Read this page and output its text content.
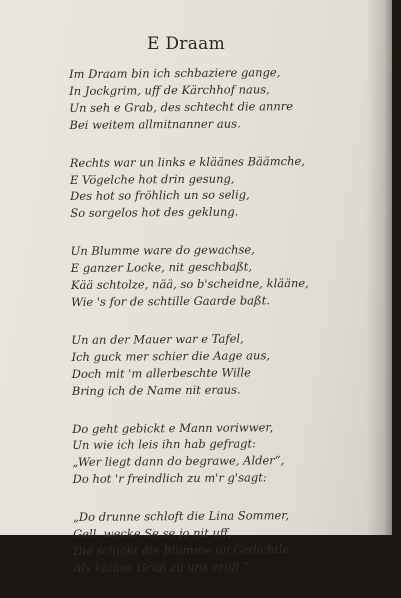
E Draam
Im Draam bin ich schbaziere gange,
In Jockgrim, uff de Kärchhof naus,
Un seh e Grab, des schtecht die annre
Bei weitem allmitnanner aus.
Rechts war un links e kläänes Bäämche,
E Vögelche hot drin gesung,
Des hot so fröhlich un so selig,
So sorgelos hot des geklung.
Un Blumme ware do gewachse,
E ganzer Locke, nit geschbaßt,
Kää schtolze, nää, so b'scheidne, klääne,
Wie 's for de schtille Gaarde baßt.
Un an der Mauer war e Tafel,
Ich guck mer schier die Aage aus,
Doch mit 'm allerbeschte Wille
Bring ich de Name nit eraus.
Do geht gebickt e Mann voriwwer,
Un wie ich leis ihn hab gefragt:
„Wer liegt dann do begrawe, Alder“,
Do hot 'r freindlich zu m'r g'sagt:
„Do drunne schloft die Lina Sommer,
Gell, wecke Se se jo nit uff,
Die schickt die Blumme un Gedichtle
Als kläänc Gruß zu uns eruff.“
